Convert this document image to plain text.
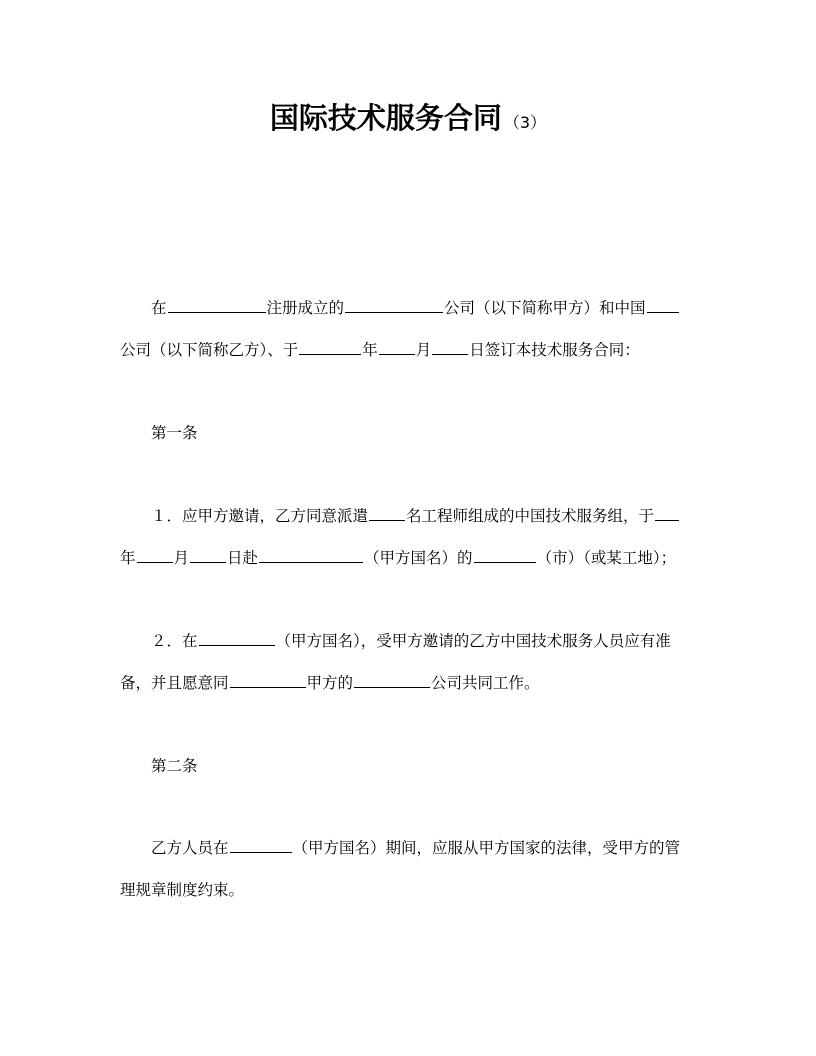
国际技术服务合同 （3）
在	注册成立的	公司（以下简称甲方）和中国
公司（以下简称乙方）、于	年 月 日签订本技术服务合同：
第一条
１．应甲方邀请，乙方同意派遣 名工程师组成的中国技术服务组，于
年 月 日赴	（甲方国名）的	（市）（或某工地）；
２．在	（甲方国名），受甲方邀请的乙方中国技术服务人员应有准
备，并且愿意同	甲方的	公司共同工作。
第二条
乙方人员在	（甲方国名）期间，应服从甲方国家的法律，受甲方的管
理规章制度约束。
